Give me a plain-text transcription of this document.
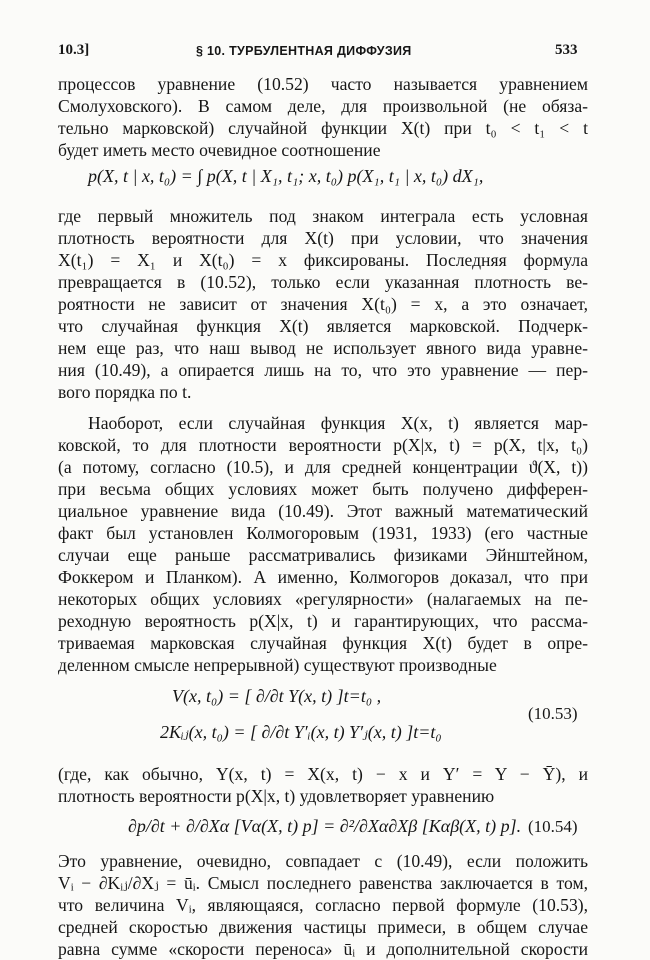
10.3]	§ 10. ТУРБУЛЕНТНАЯ ДИФФУЗИЯ	533
процессов уравнение (10.52) часто называется уравнением
Смолуховского). В самом деле, для произвольной (не обяза-
тельно марковской) случайной функции X(t) при t₀ < t₁ < t
будет иметь место очевидное соотношение
p(X, t | x, t₀) = ∫ p(X, t | X₁, t₁; x, t₀) p(X₁, t₁ | x, t₀) dX₁,
где первый множитель под знаком интеграла есть условная
плотность вероятности для X(t) при условии, что значения
X(t₁) = X₁ и X(t₀) = x фиксированы. Последняя формула
превращается в (10.52), только если указанная плотность ве-
роятности не зависит от значения X(t₀) = x, а это означает,
что случайная функция X(t) является марковской. Подчерк-
нем еще раз, что наш вывод не использует явного вида уравне-
ния (10.49), а опирается лишь на то, что это уравнение — пер-
вого порядка по t.
Наоборот, если случайная функция X(x, t) является мар-
ковской, то для плотности вероятности p(X|x, t) = p(X, t|x, t₀)
(а потому, согласно (10.5), и для средней концентрации ϑ(X, t))
при весьма общих условиях может быть получено дифферен-
циальное уравнение вида (10.49). Этот важный математический
факт был установлен Колмогоровым (1931, 1933) (его частные
случаи еще раньше рассматривались физиками Эйнштейном,
Фоккером и Планком). А именно, Колмогоров доказал, что при
некоторых общих условиях «регулярности» (налагаемых на пе-
реходную вероятность p(X|x, t) и гарантирующих, что рассма-
триваемая марковская случайная функция X(t) будет в опре-
деленном смысле непрерывной) существуют производные
V(x, t₀) = [ ∂/∂t Y(x, t) ]t=t₀ ,
2Kᵢⱼ(x, t₀) = [ ∂/∂t Y′ᵢ(x, t) Y′ⱼ(x, t) ]t=t₀
(10.53)
(где, как обычно, Y(x, t) = X(x, t) − x и Y′ = Y − Ȳ), и
плотность вероятности p(X|x, t) удовлетворяет уравнению
∂p/∂t + ∂/∂Xα [Vα(X, t) p] = ∂²/∂Xα∂Xβ [Kαβ(X, t) p]. (10.54)
Это уравнение, очевидно, совпадает с (10.49), если положить
Vᵢ − ∂Kᵢⱼ/∂Xⱼ = ūᵢ. Смысл последнего равенства заключается в том,
что величина Vᵢ, являющаяся, согласно первой формуле (10.53),
средней скоростью движения частицы примеси, в общем случае
равна сумме «скорости переноса» ūᵢ и дополнительной скорости
